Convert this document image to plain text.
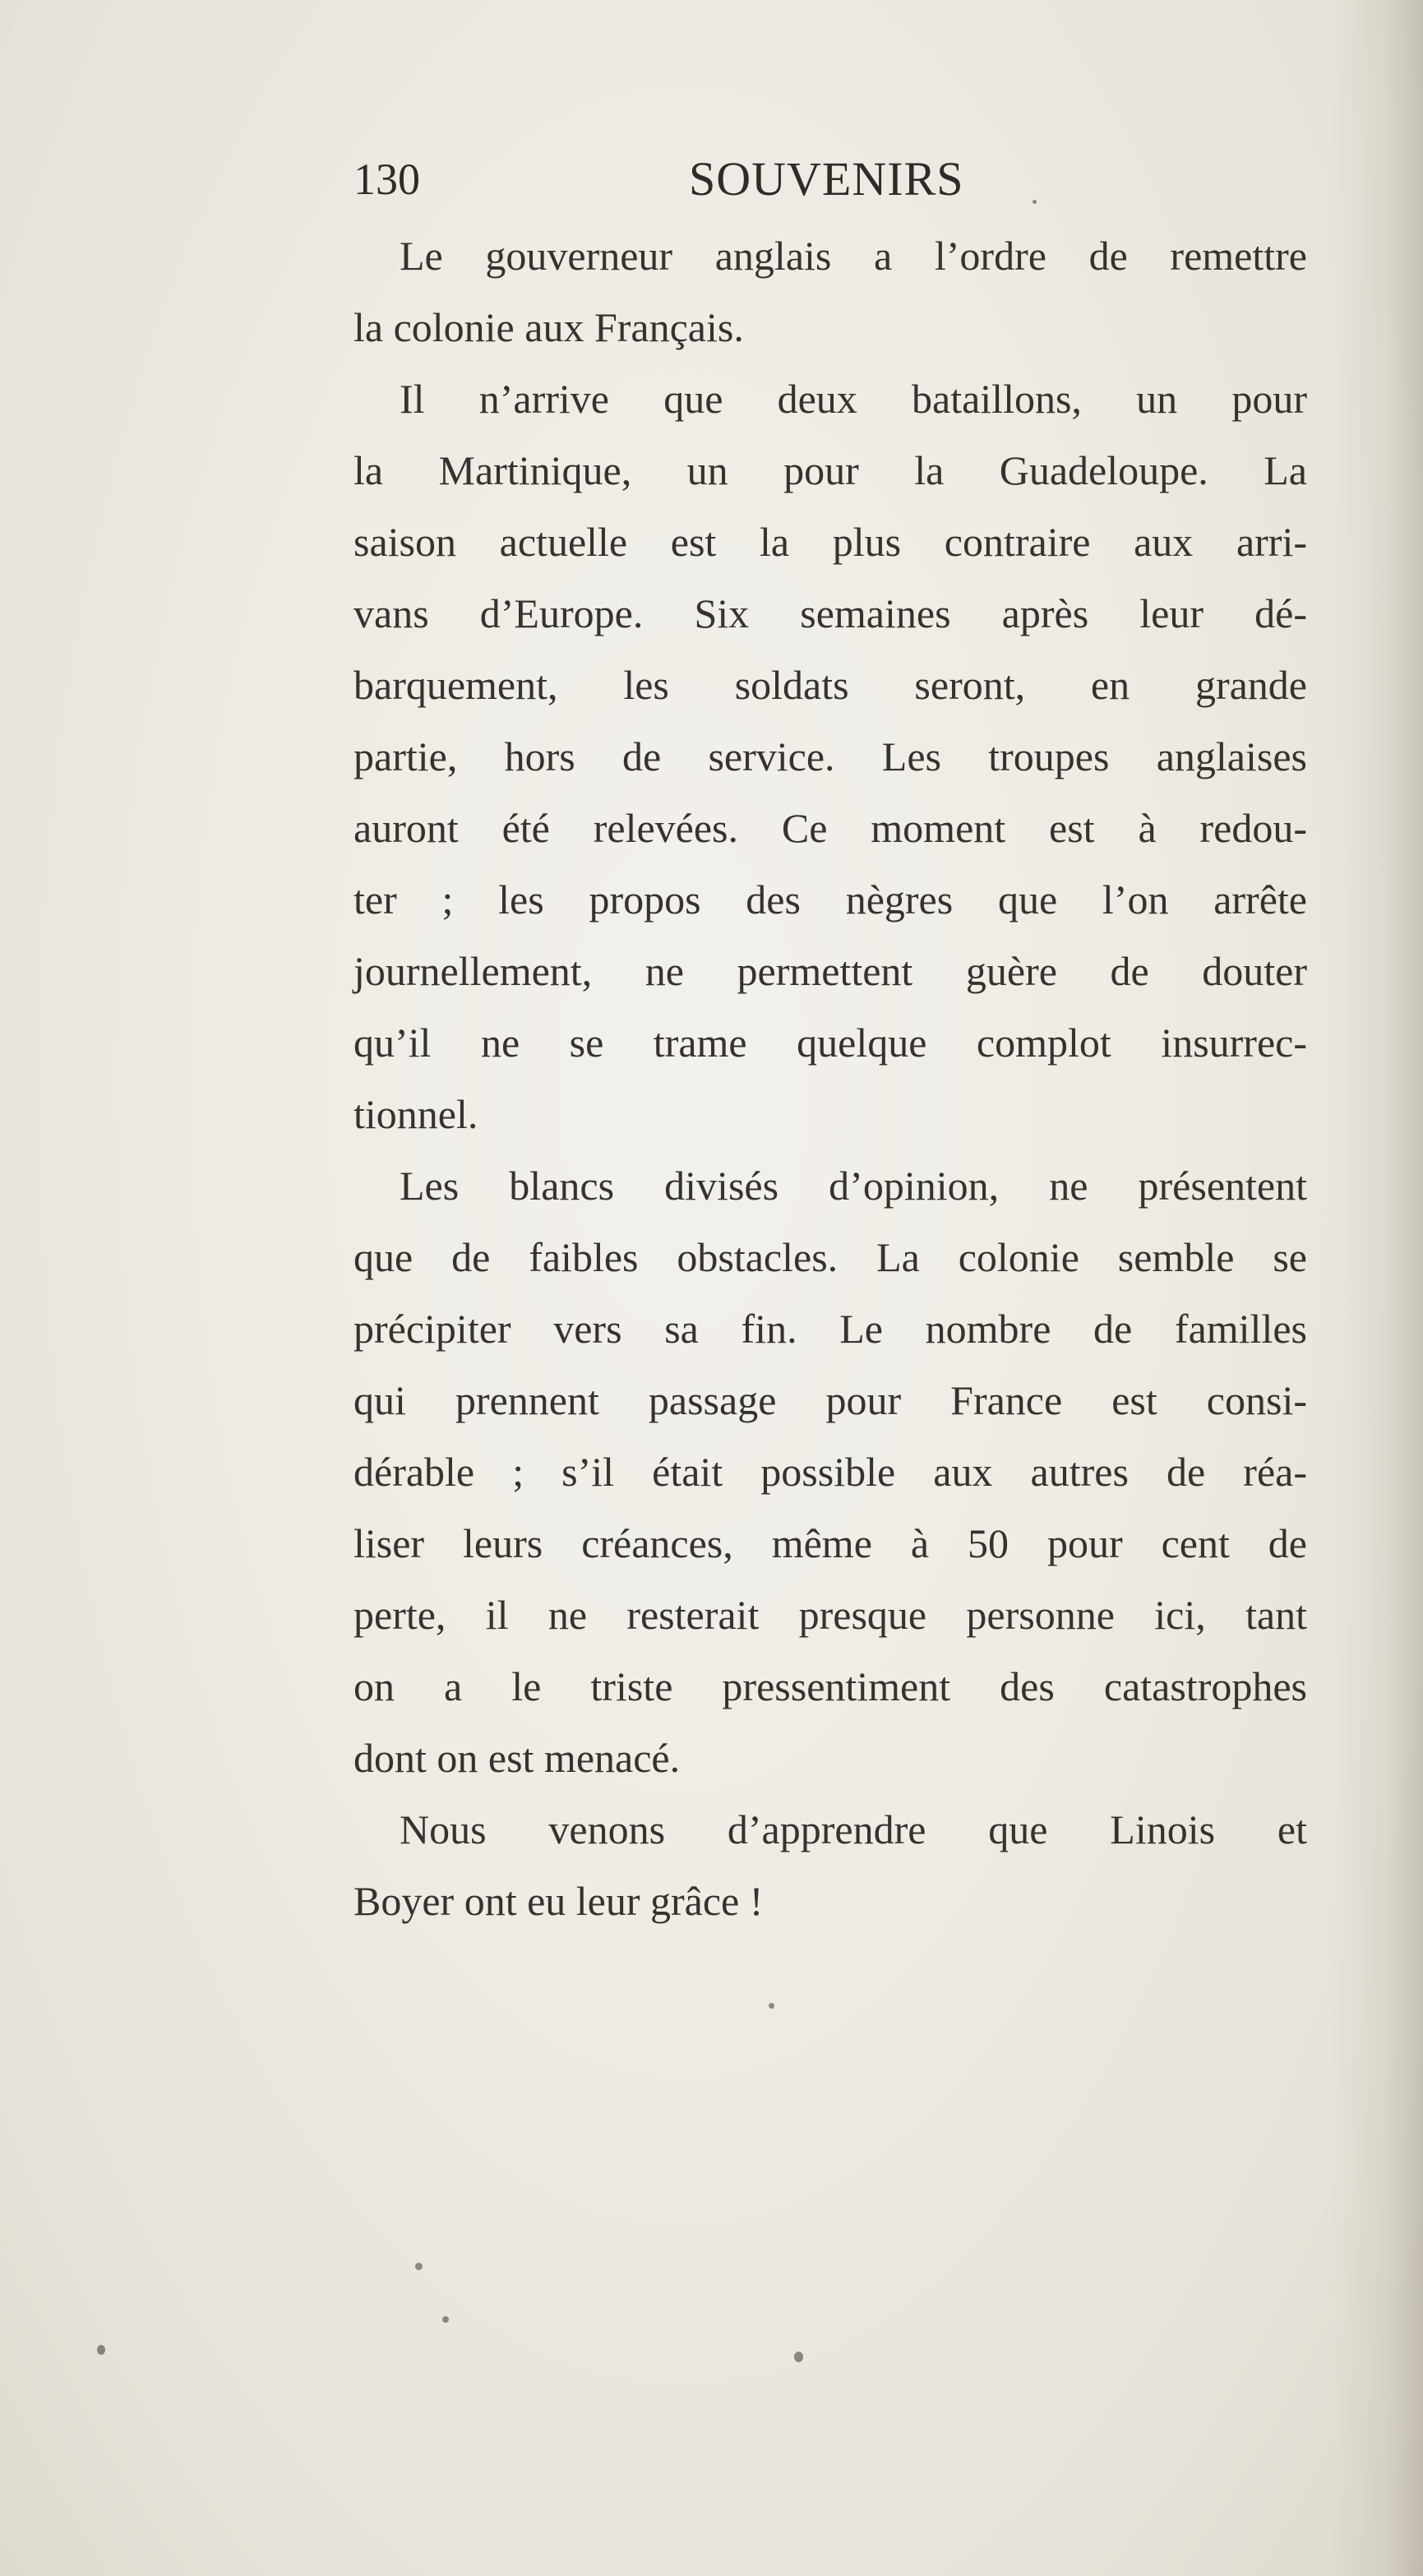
130	SOUVENIRS

Le gouverneur anglais a l’ordre de remettre
la colonie aux Français.

Il n’arrive que deux bataillons, un pour
la Martinique, un pour la Guadeloupe. La
saison actuelle est la plus contraire aux arri-
vans d’Europe. Six semaines après leur dé-
barquement, les soldats seront, en grande
partie, hors de service. Les troupes anglaises
auront été relevées. Ce moment est à redou-
ter ; les propos des nègres que l’on arrête
journellement, ne permettent guère de douter
qu’il ne se trame quelque complot insurrec-
tionnel.

Les blancs divisés d’opinion, ne présentent
que de faibles obstacles. La colonie semble se
précipiter vers sa fin. Le nombre de familles
qui prennent passage pour France est consi-
dérable ; s’il était possible aux autres de réa-
liser leurs créances, même à 50 pour cent de
perte, il ne resterait presque personne ici, tant
on a le triste pressentiment des catastrophes
dont on est menacé.

Nous venons d’apprendre que Linois et
Boyer ont eu leur grâce !
